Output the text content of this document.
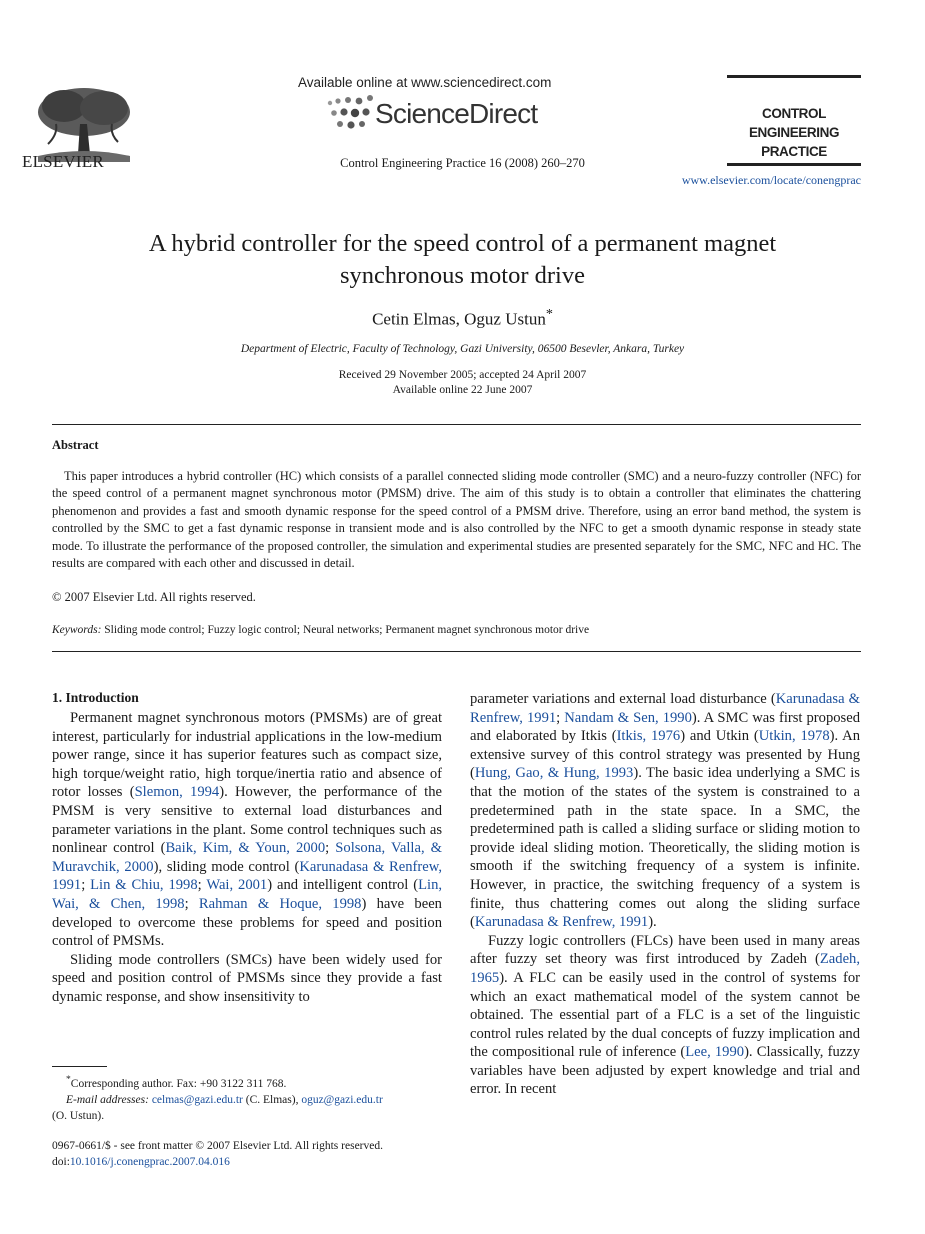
ELSEVIER
Available online at www.sciencedirect.com
ScienceDirect
Control Engineering Practice 16 (2008) 260–270
CONTROL ENGINEERING
PRACTICE
www.elsevier.com/locate/conengprac
A hybrid controller for the speed control of a permanent magnet
synchronous motor drive
Cetin Elmas, Oguz Ustun*
Department of Electric, Faculty of Technology, Gazi University, 06500 Besevler, Ankara, Turkey
Received 29 November 2005; accepted 24 April 2007
Available online 22 June 2007
Abstract

This paper introduces a hybrid controller (HC) which consists of a parallel connected sliding mode controller (SMC) and a neuro-fuzzy controller (NFC) for the speed control of a permanent magnet synchronous motor (PMSM) drive. The aim of this study is to obtain a controller that eliminates the chattering phenomenon and provides a fast and smooth dynamic response for the speed control of a PMSM drive. Therefore, using an error band method, the system is controlled by the SMC to get a fast dynamic response in transient mode and is also controlled by the NFC to get a smooth dynamic response in steady state mode. To illustrate the performance of the proposed controller, the simulation and experimental studies are presented separately for the SMC, NFC and HC. The results are compared with each other and discussed in detail.

© 2007 Elsevier Ltd. All rights reserved.
Keywords: Sliding mode control; Fuzzy logic control; Neural networks; Permanent magnet synchronous motor drive
1. Introduction

Permanent magnet synchronous motors (PMSMs) are of great interest, particularly for industrial applications in the low-medium power range, since it has superior features such as compact size, high torque/weight ratio, high torque/inertia ratio and absence of rotor losses (Slemon, 1994). However, the performance of the PMSM is very sensitive to external load disturbances and parameter variations in the plant. Some control techniques such as nonlinear control (Baik, Kim, & Youn, 2000; Solsona, Valla, & Muravchik, 2000), sliding mode control (Karunadasa & Renfrew, 1991; Lin & Chiu, 1998; Wai, 2001) and intelligent control (Lin, Wai, & Chen, 1998; Rahman & Hoque, 1998) have been developed to overcome these problems for speed and position control of PMSMs.

Sliding mode controllers (SMCs) have been widely used for speed and position control of PMSMs since they provide a fast dynamic response, and show insensitivity to

parameter variations and external load disturbance (Karunadasa & Renfrew, 1991; Nandam & Sen, 1990). A SMC was first proposed and elaborated by Itkis (Itkis, 1976) and Utkin (Utkin, 1978). An extensive survey of this control strategy was presented by Hung (Hung, Gao, & Hung, 1993). The basic idea underlying a SMC is that the motion of the states of the system is constrained to a predetermined path in the state space. In a SMC, the predetermined path is called a sliding surface or sliding motion to provide ideal sliding motion. Theoretically, the sliding motion is smooth if the switching frequency of a system is infinite. However, in practice, the switching frequency of a system is finite, thus chattering comes out along the sliding surface (Karunadasa & Renfrew, 1991).

Fuzzy logic controllers (FLCs) have been used in many areas after fuzzy set theory was first introduced by Zadeh (Zadeh, 1965). A FLC can be easily used in the control of systems for which an exact mathematical model of the system cannot be obtained. The essential part of a FLC is a set of the linguistic control rules related by the dual concepts of fuzzy implication and the compositional rule of inference (Lee, 1990). Classically, fuzzy variables have been adjusted by expert knowledge and trial and error. In recent

*Corresponding author. Fax: +90 3122 311 768.
E-mail addresses: celmas@gazi.edu.tr (C. Elmas), oguz@gazi.edu.tr
(O. Ustun).
0967-0661/$ - see front matter © 2007 Elsevier Ltd. All rights reserved.
doi:10.1016/j.conengprac.2007.04.016
